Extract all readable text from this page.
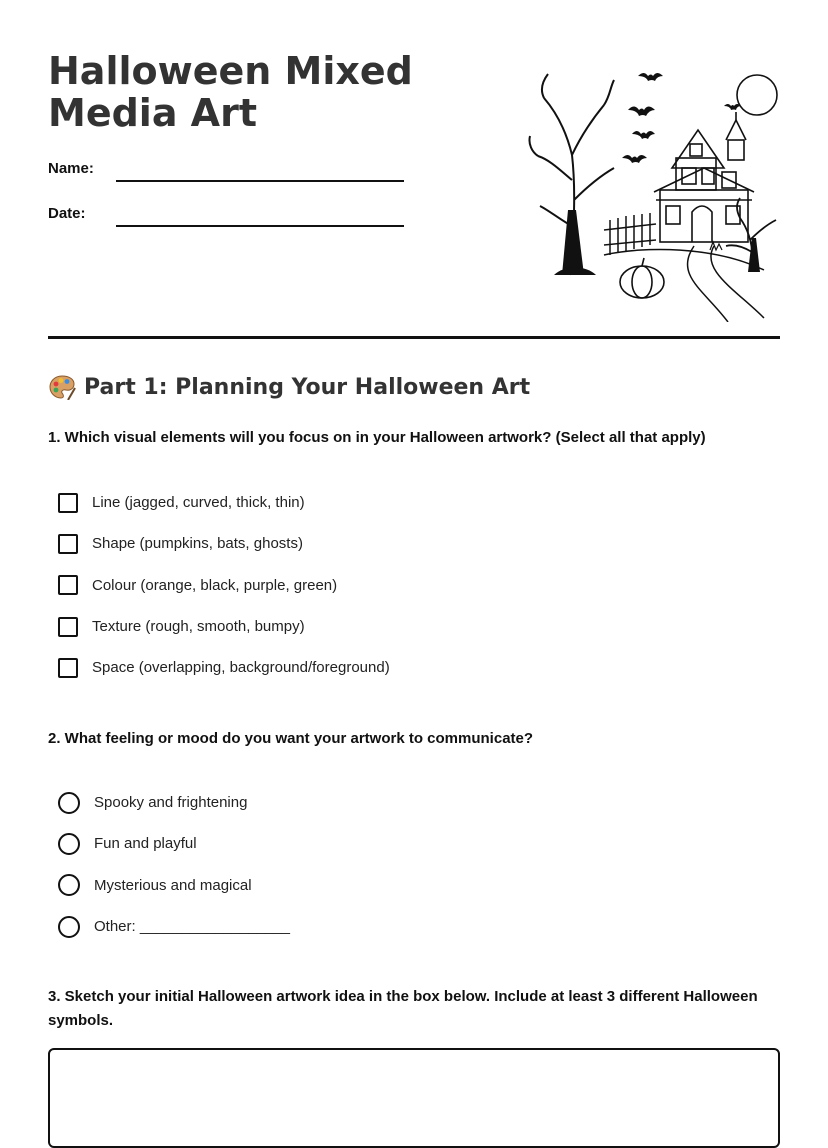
Halloween Mixed Media Art
Name:
Date:
Part 1: Planning Your Halloween Art

1. Which visual elements will you focus on in your Halloween artwork? (Select all that apply)

Line (jagged, curved, thick, thin)
Shape (pumpkins, bats, ghosts)
Colour (orange, black, purple, green)
Texture (rough, smooth, bumpy)
Space (overlapping, background/foreground)

2. What feeling or mood do you want your artwork to communicate?

Spooky and frightening
Fun and playful
Mysterious and magical
Other: __________________

3. Sketch your initial Halloween artwork idea in the box below. Include at least 3 different Halloween symbols.
